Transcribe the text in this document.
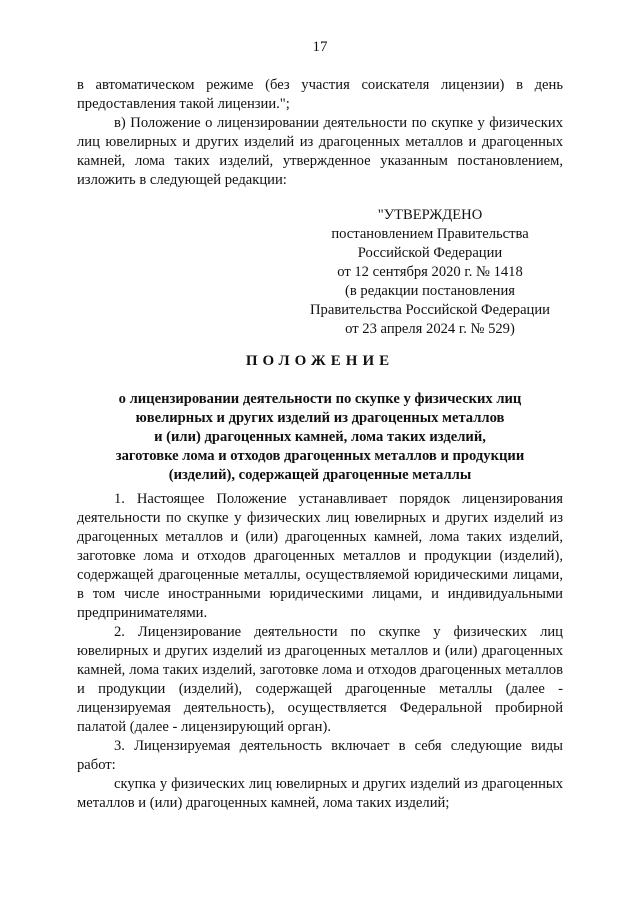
17

в автоматическом режиме (без участия соискателя лицензии) в день предоставления такой лицензии.";

в) Положение о лицензировании деятельности по скупке у физических лиц ювелирных и других изделий из драгоценных металлов и драгоценных камней, лома таких изделий, утвержденное указанным постановлением, изложить в следующей редакции:

"УТВЕРЖДЕНО
постановлением Правительства
Российской Федерации
от 12 сентября 2020 г. № 1418
(в редакции постановления
Правительства Российской Федерации
от 23 апреля 2024 г. № 529)
ПОЛОЖЕНИЕ
о лицензировании деятельности по скупке у физических лиц
ювелирных и других изделий из драгоценных металлов
и (или) драгоценных камней, лома таких изделий,
заготовке лома и отходов драгоценных металлов и продукции
(изделий), содержащей драгоценные металлы

1. Настоящее Положение устанавливает порядок лицензирования деятельности по скупке у физических лиц ювелирных и других изделий из драгоценных металлов и (или) драгоценных камней, лома таких изделий, заготовке лома и отходов драгоценных металлов и продукции (изделий), содержащей драгоценные металлы, осуществляемой юридическими лицами, в том числе иностранными юридическими лицами, и индивидуальными предпринимателями.

2. Лицензирование деятельности по скупке у физических лиц ювелирных и других изделий из драгоценных металлов и (или) драгоценных камней, лома таких изделий, заготовке лома и отходов драгоценных металлов и продукции (изделий), содержащей драгоценные металлы (далее - лицензируемая деятельность), осуществляется Федеральной пробирной палатой (далее - лицензирующий орган).

3. Лицензируемая деятельность включает в себя следующие виды работ:

скупка у физических лиц ювелирных и других изделий из драгоценных металлов и (или) драгоценных камней, лома таких изделий;
